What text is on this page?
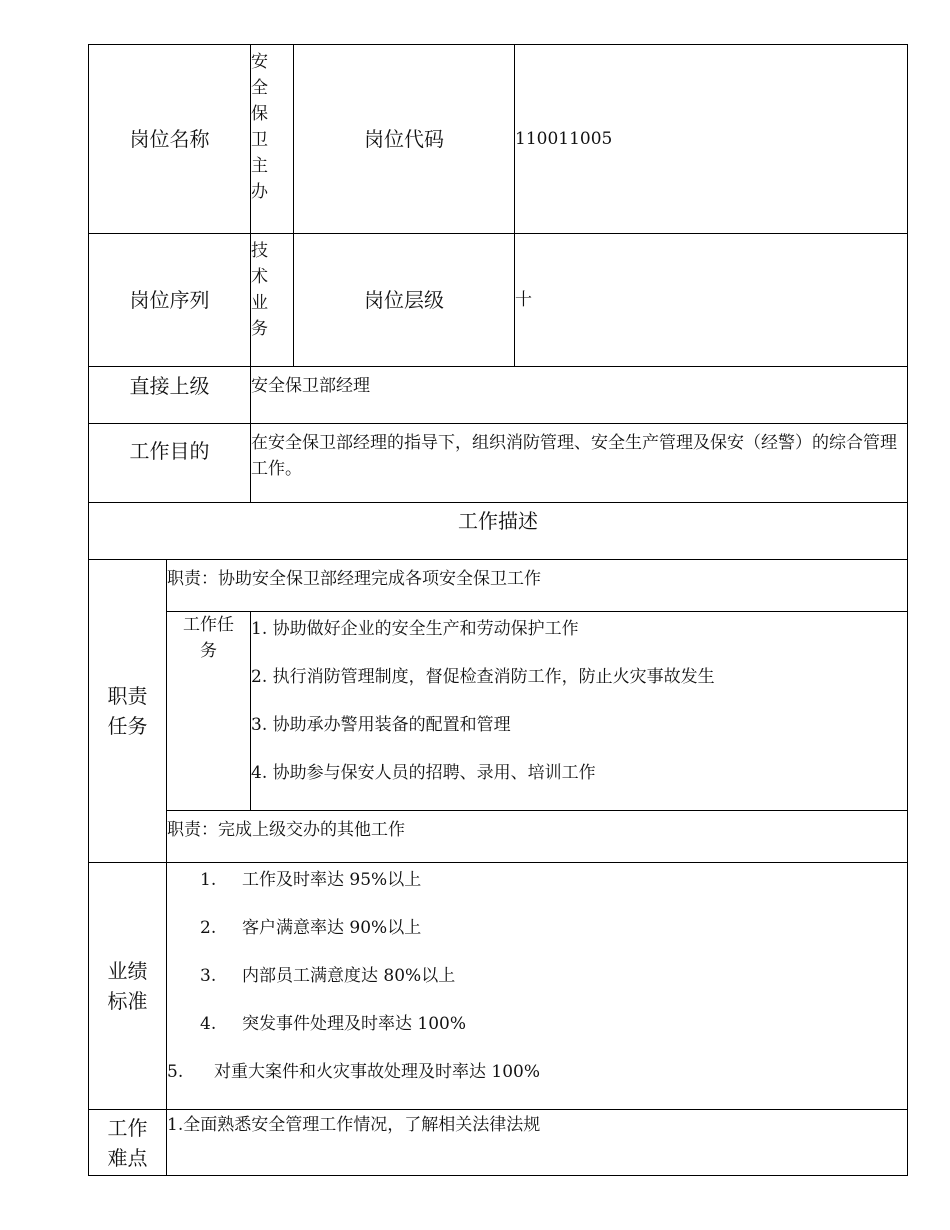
岗位名称		安全保卫主办	岗位代码	110011005
岗位序列		技术业务	岗位层级	十
直接上级		安全保卫部经理		
工作目的		在安全保卫部经理的指导下，组织消防管理、安全生产管理及保安（经警）的综合管理工作。		
工作描述				
职责任务	职责：协助安全保卫部经理完成各项安全保卫工作			
	工作任务	1. 协助做好企业的安全生产和劳动保护工作
2. 执行消防管理制度，督促检查消防工作，防止火灾事故发生
3. 协助承办警用装备的配置和管理
4. 协助参与保安人员的招聘、录用、培训工作		

	职责：完成上级交办的其他工作			
业绩标准	1. 工作及时率达 95%以上
2. 客户满意率达 90%以上
3. 内部员工满意度达 80%以上
4. 突发事件处理及时率达 100%
5. 对重大案件和火灾事故处理及时率达 100%			

工作难点	1.全面熟悉安全管理工作情况，了解相关法律法规			
